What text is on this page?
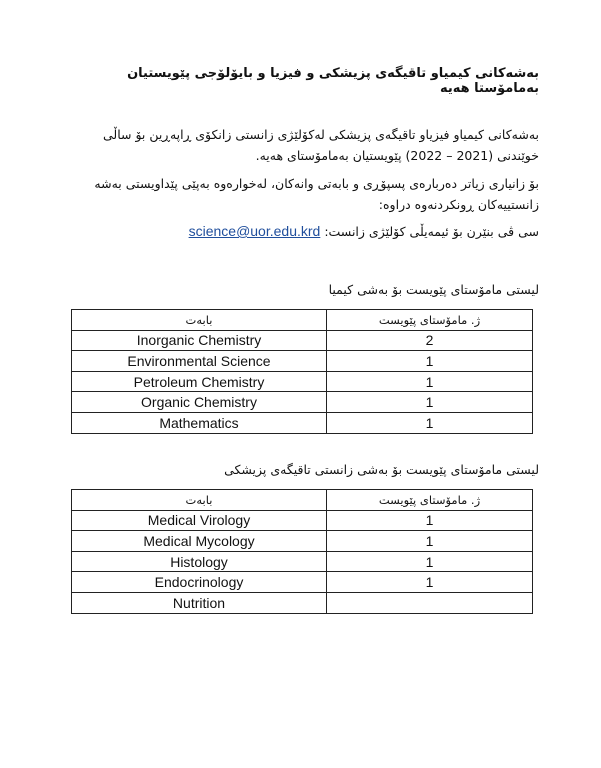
بەشەكانی كیمیاو تاقیگەی پزیشکی و فیزیا و بایۆلۆجی پێویستیان بەمامۆستا هەیە
بەشەکانی کیمیاو فیزیاو تاقیگەی پزیشکی لەکۆلێژی زانستی زانکۆی ڕاپەڕین بۆ ساڵی خوێندنی (2021 – 2022) پێویستیان بەمامۆستای هەیە.
بۆ زانیاری زیاتر دەربارەی پسپۆڕی و بابەتی وانەكان، لەخوارەوە بەپێی پێداویستی بەشە زانستییەكان ڕونكردنەوە دراوە:
سی ڤی بنێرن بۆ ئیمەیڵی کۆلێژی زانست: science@uor.edu.krd
لیستی مامۆستای پێویست بۆ بەشی كیمیا
بابەت	ژ. مامۆستای پێویست
Inorganic Chemistry	2
Environmental Science	1
Petroleum Chemistry	1
Organic Chemistry	1
Mathematics	1
لیستی مامۆستای پێویست بۆ بەشی زانستی تاقیگەی پزیشكی
بابەت	ژ. مامۆستای پێویست
Medical Virology	1
Medical Mycology	1
Histology	1
Endocrinology	1
Nutrition	
